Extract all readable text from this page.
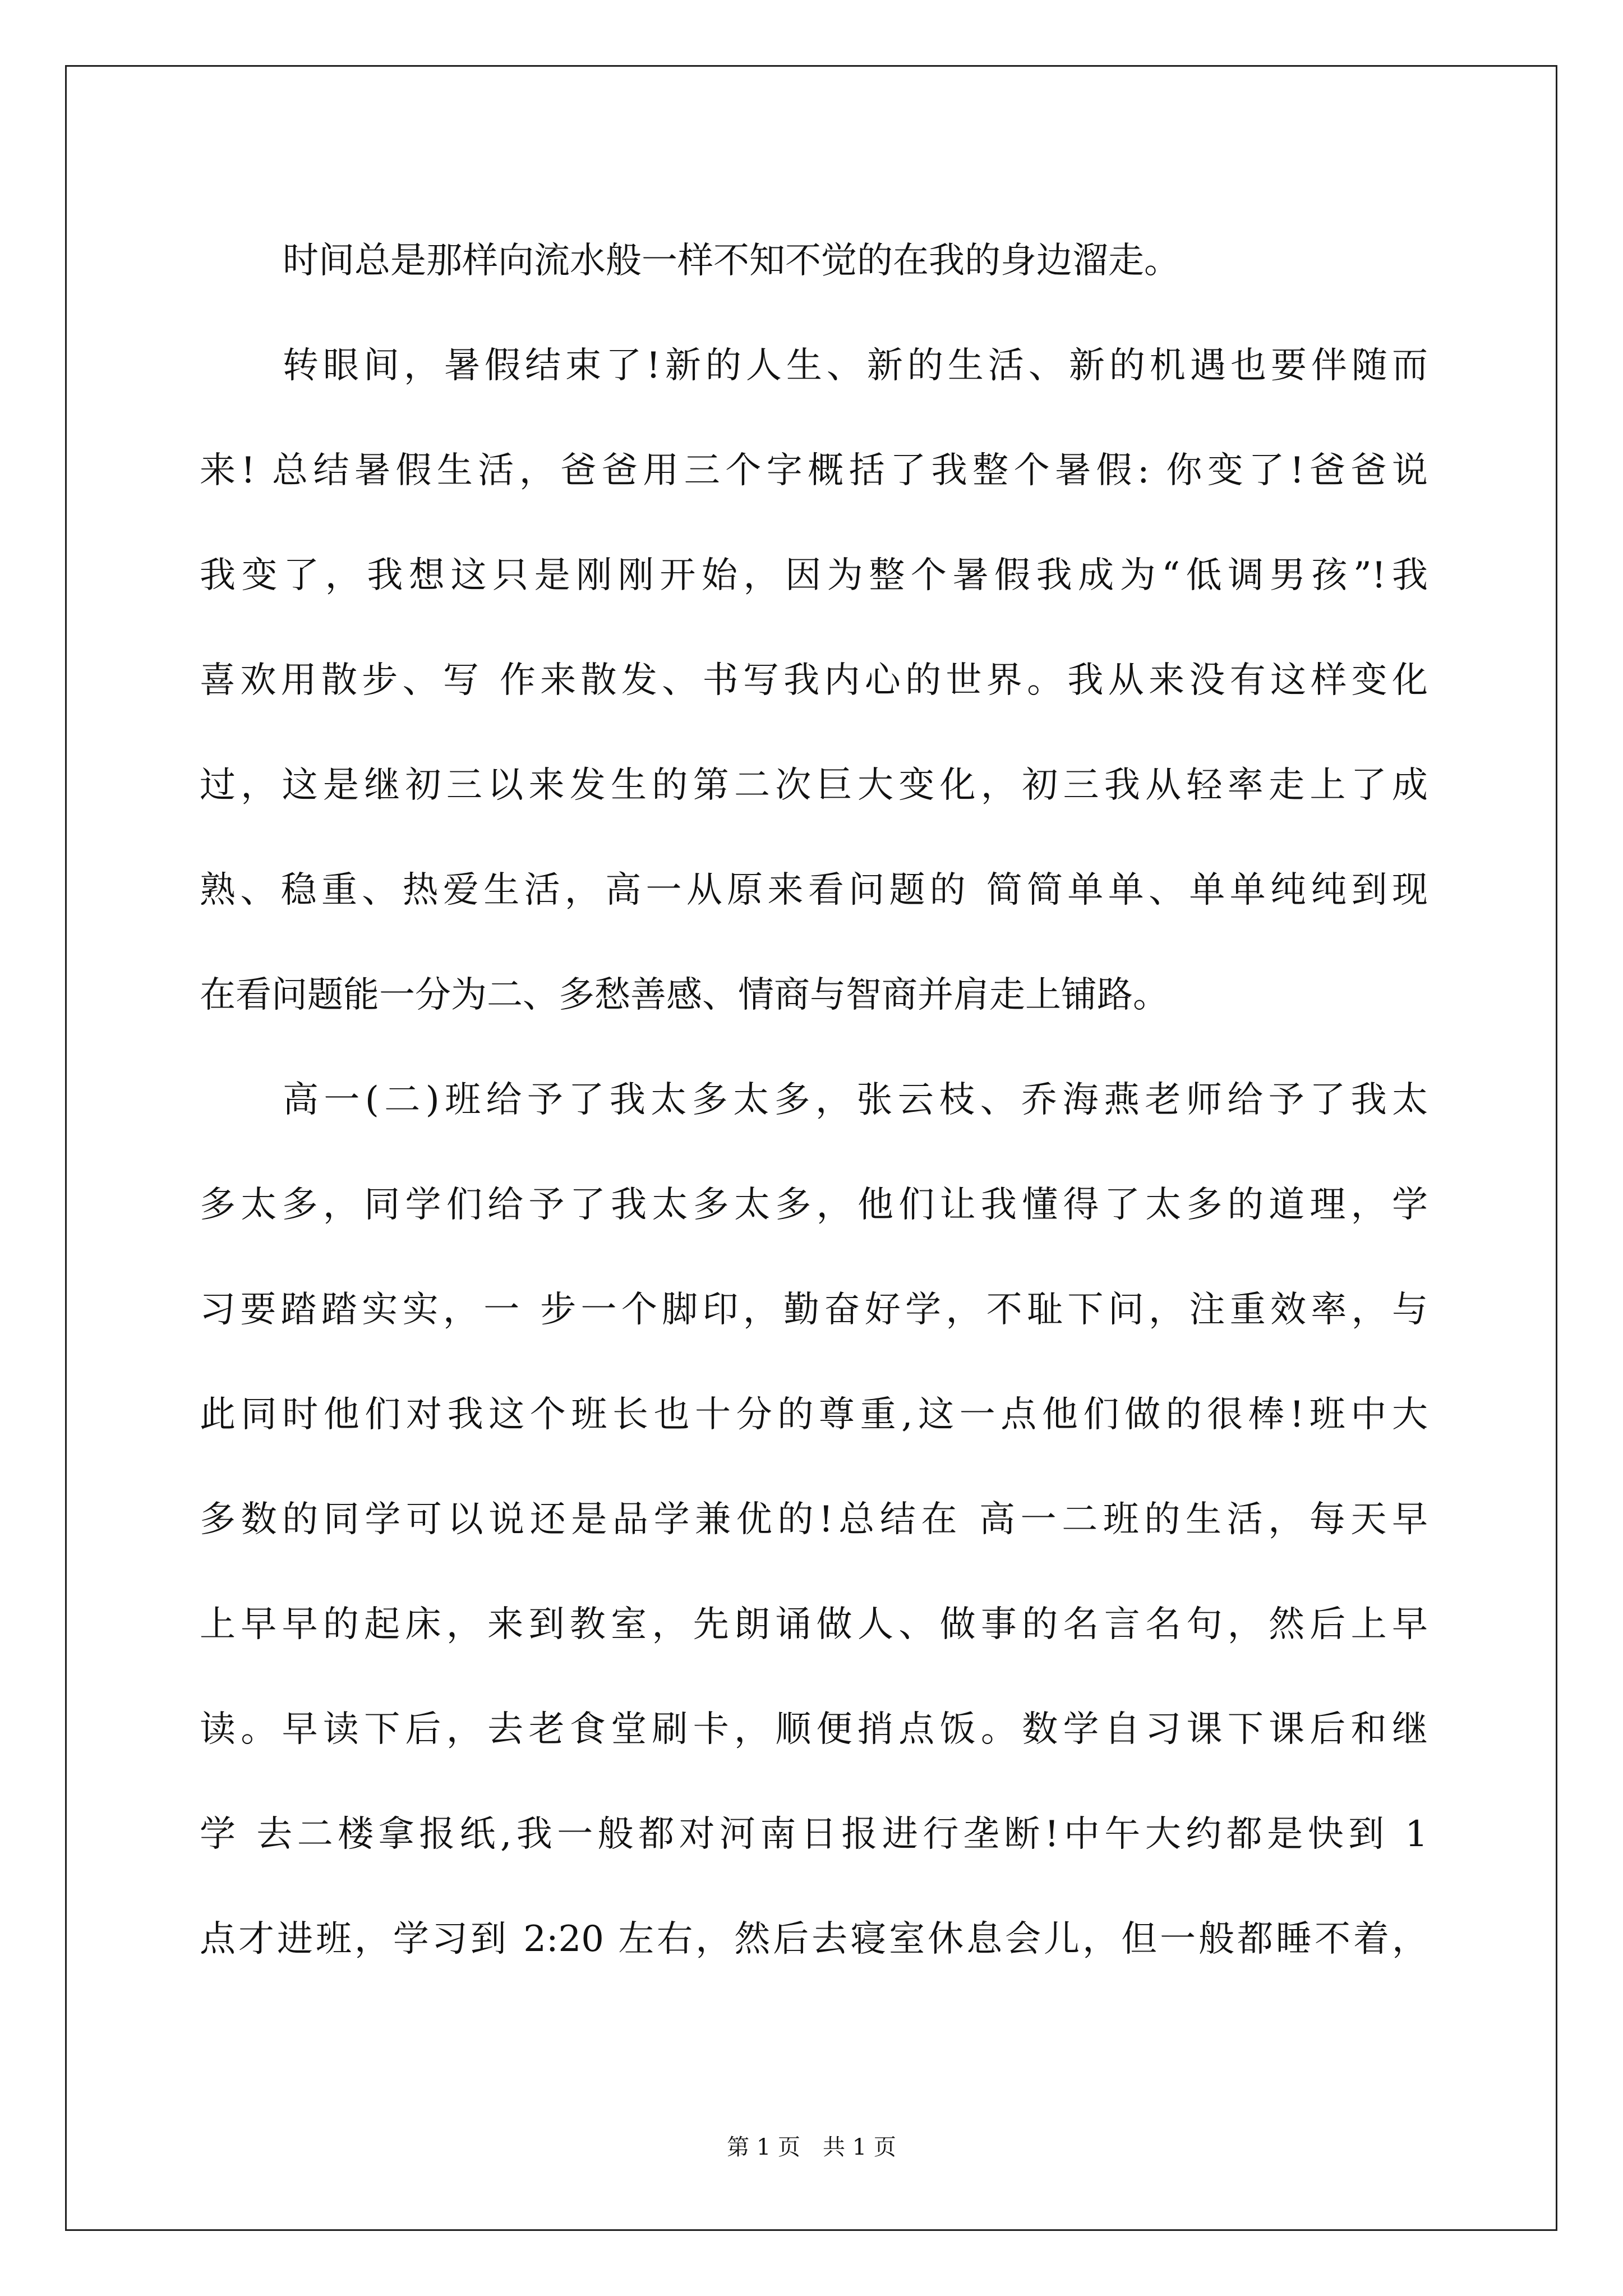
时间总是那样向流水般一样不知不觉的在我的身边溜走。
转眼间，暑假结束了!新的人生、新的生活、新的机遇也要伴随而
来! 总结暑假生活，爸爸用三个字概括了我整个暑假: 你变了!爸爸说
我变了，我想这只是刚刚开始，因为整个暑假我成为“低调男孩”!我
喜欢用散步、写 作来散发、书写我内心的世界。我从来没有这样变化
过，这是继初三以来发生的第二次巨大变化，初三我从轻率走上了成
熟、稳重、热爱生活，高一从原来看问题的 简简单单、单单纯纯到现
在看问题能一分为二、多愁善感、情商与智商并肩走上铺路。
高一(二)班给予了我太多太多，张云枝、乔海燕老师给予了我太
多太多，同学们给予了我太多太多，他们让我懂得了太多的道理，学
习要踏踏实实，一 步一个脚印，勤奋好学，不耻下问，注重效率，与
此同时他们对我这个班长也十分的尊重,这一点他们做的很棒!班中大
多数的同学可以说还是品学兼优的!总结在 高一二班的生活，每天早
上早早的起床，来到教室，先朗诵做人、做事的名言名句，然后上早
读。早读下后，去老食堂刷卡，顺便捎点饭。数学自习课下课后和继
学 去二楼拿报纸,我一般都对河南日报进行垄断!中午大约都是快到 1
点才进班，学习到 2:20 左右，然后去寝室休息会儿，但一般都睡不着，
第 1 页　共 1 页
